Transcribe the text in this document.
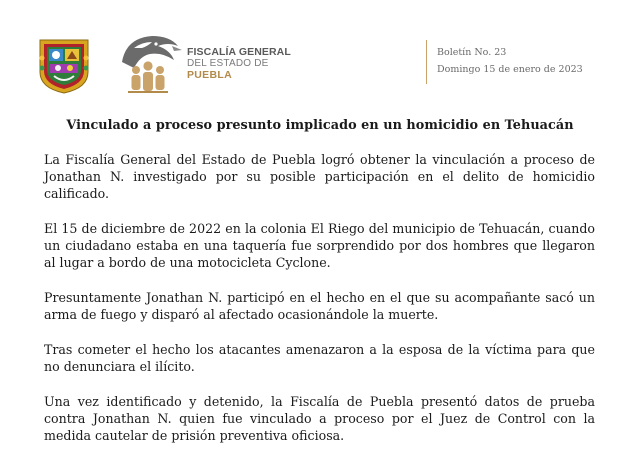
FISCALÍA GENERAL
DEL ESTADO DE
PUEBLA
Boletín No. 23
Domingo 15 de enero de 2023
Vinculado a proceso presunto implicado en un homicidio en Tehuacán

La Fiscalía General del Estado de Puebla logró obtener la vinculación a proceso de Jonathan N. investigado por su posible participación en el delito de homicidio calificado.

El 15 de diciembre de 2022 en la colonia El Riego del municipio de Tehuacán, cuando un ciudadano estaba en una taquería fue sorprendido por dos hombres que llegaron al lugar a bordo de una motocicleta Cyclone.

Presuntamente Jonathan N. participó en el hecho en el que su acompañante sacó un arma de fuego y disparó al afectado ocasionándole la muerte.

Tras cometer el hecho los atacantes amenazaron a la esposa de la víctima para que no denunciara el ilícito.

Una vez identificado y detenido, la Fiscalía de Puebla presentó datos de prueba contra Jonathan N. quien fue vinculado a proceso por el Juez de Control con la medida cautelar de prisión preventiva oficiosa.
